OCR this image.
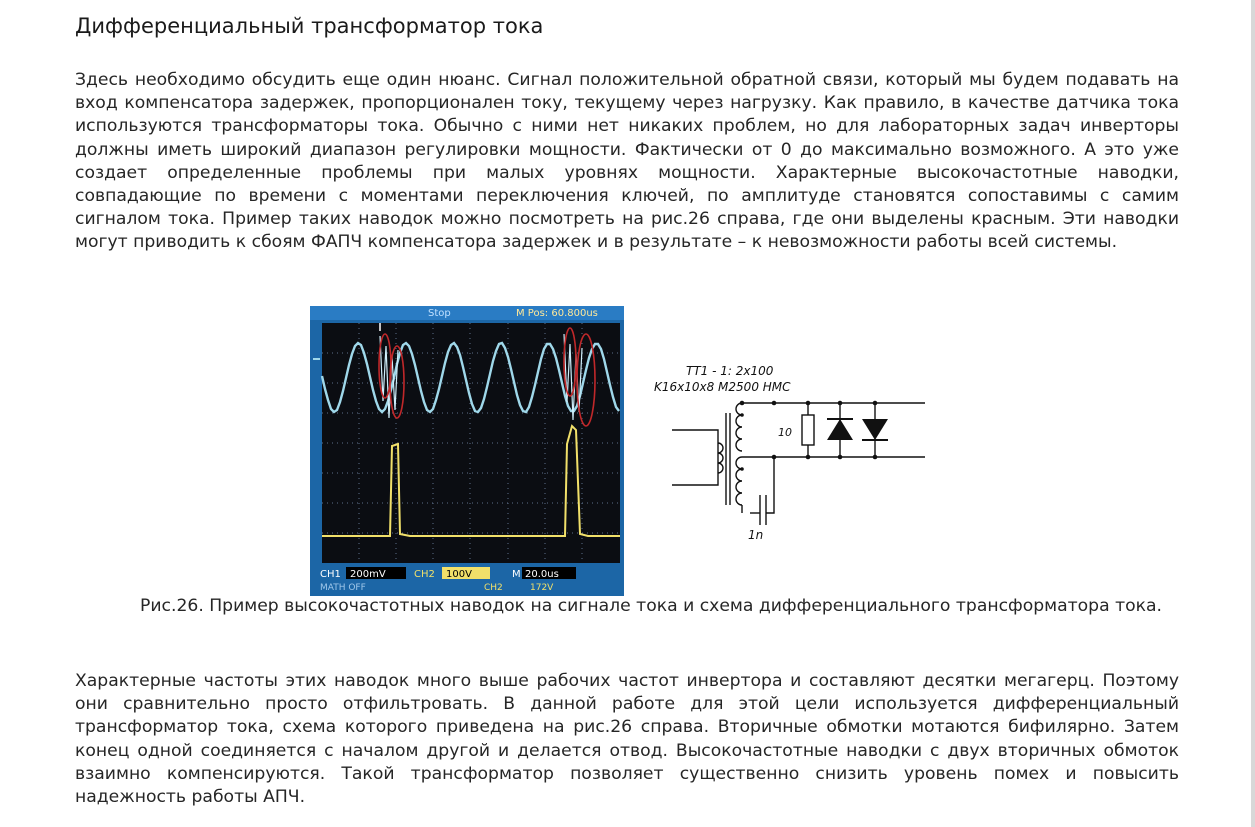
Дифференциальный трансформатор тока

Здесь необходимо обсудить еще один нюанс. Сигнал положительной обратной связи, который мы будем подавать на вход компенсатора задержек, пропорционален току, текущему через нагрузку. Как правило, в качестве датчика тока используются трансформаторы тока. Обычно с ними нет никаких проблем, но для лабораторных задач инверторы должны иметь широкий диапазон регулировки мощности. Фактически от 0 до максимально возможного. А это уже создает определенные проблемы при малых уровнях мощности. Характерные высокочастотные наводки, совпадающие по времени с моментами переключения ключей, по амплитуде становятся сопоставимы с самим сигналом тока. Пример таких наводок можно посмотреть на рис.26 справа, где они выделены красным. Эти наводки могут приводить к сбоям ФАПЧ компенсатора задержек и в результате – к невозможности работы всей системы.

Stop	M Pos: 60.800us
CH1 200mV	CH2 100V	M 20.0us
MATH OFF	CH2	172V
TT1 - 1: 2x100
K16x10x8 M2500 HMC
10
1n

Рис.26. Пример высокочастотных наводок на сигнале тока и схема дифференциального трансформатора тока.

Характерные частоты этих наводок много выше рабочих частот инвертора и составляют десятки мегагерц. Поэтому они сравнительно просто отфильтровать. В данной работе для этой цели используется дифференциальный трансформатор тока, схема которого приведена на рис.26 справа. Вторичные обмотки мотаются бифилярно. Затем конец одной соединяется с началом другой и делается отвод. Высокочастотные наводки с двух вторичных обмоток взаимно компенсируются. Такой трансформатор позволяет существенно снизить уровень помех и повысить надежность работы АПЧ.
